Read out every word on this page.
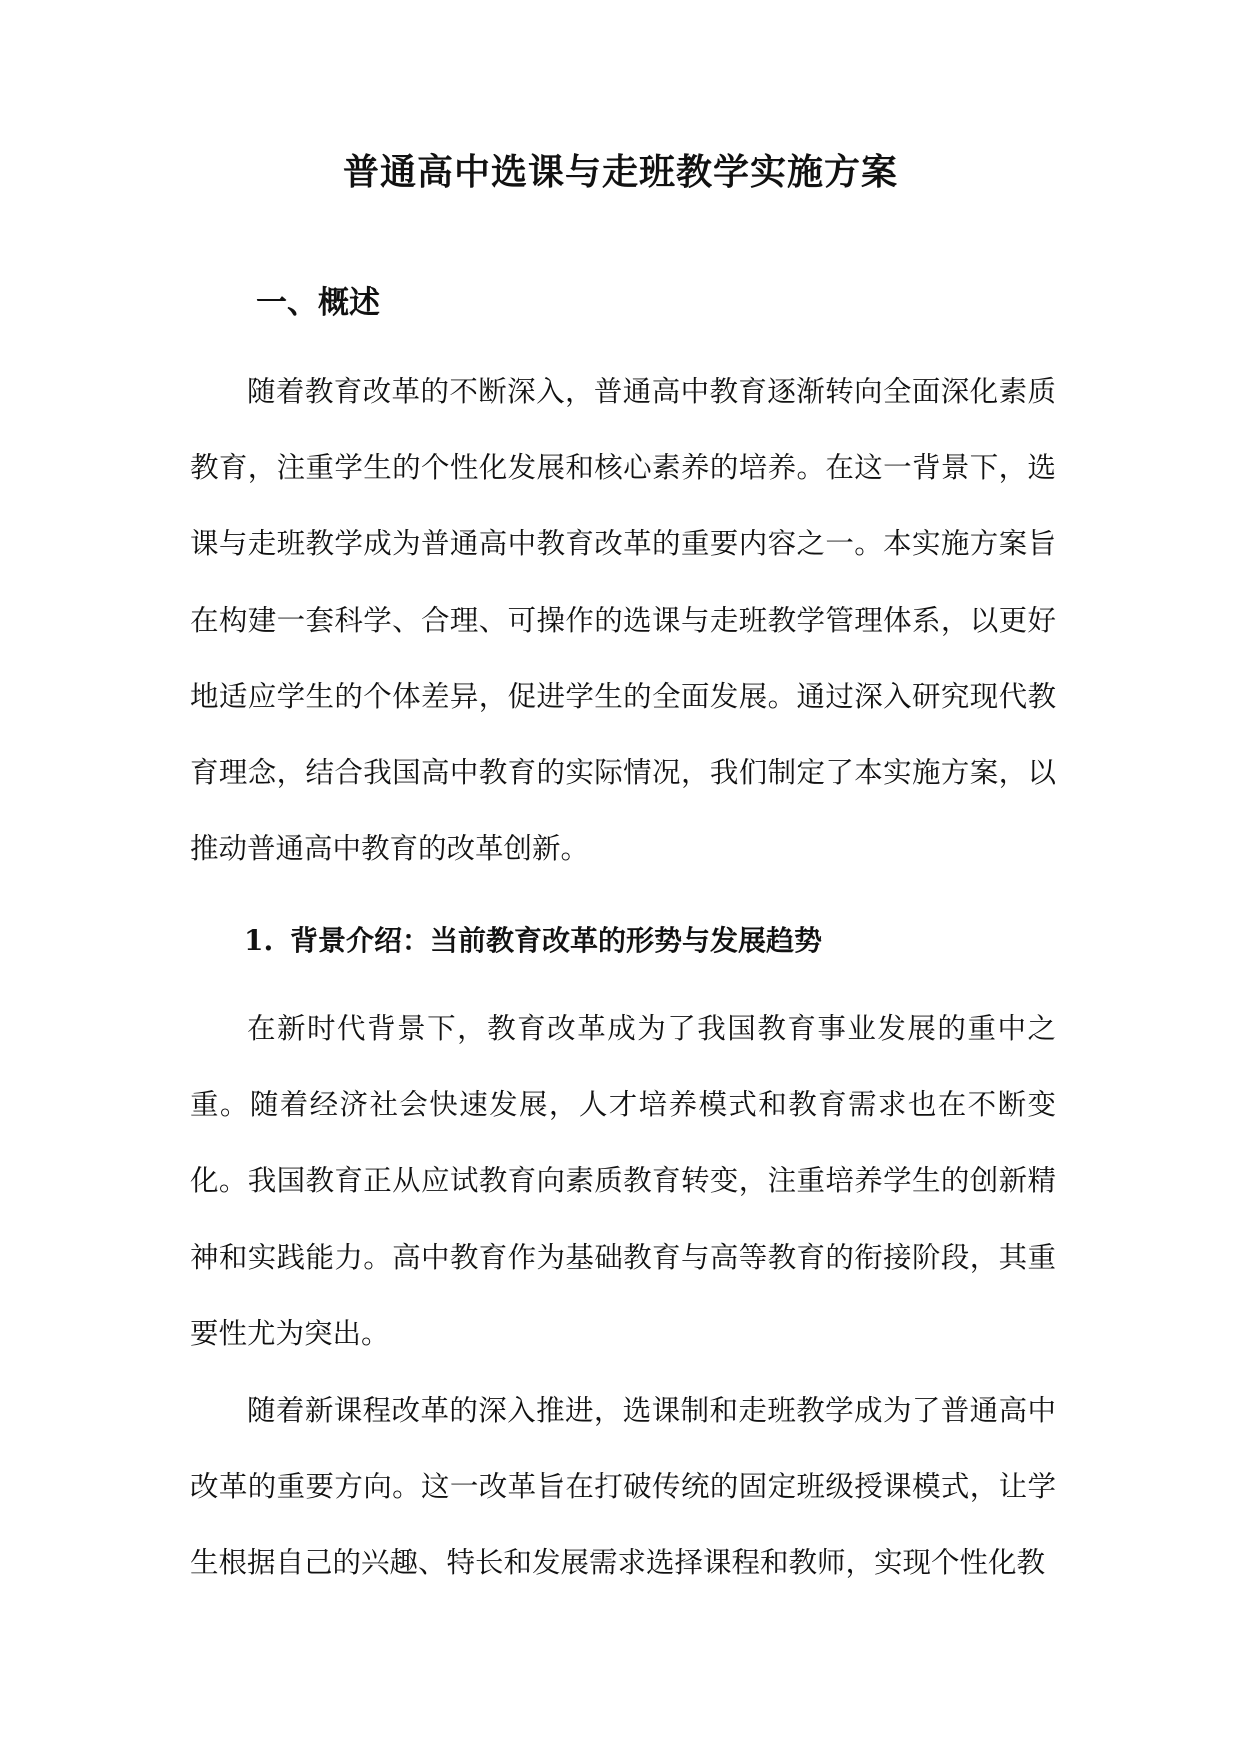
普通高中选课与走班教学实施方案
一、概述

随着教育改革的不断深入，普通高中教育逐渐转向全面深化素质教育，注重学生的个性化发展和核心素养的培养。在这一背景下，选课与走班教学成为普通高中教育改革的重要内容之一。本实施方案旨在构建一套科学、合理、可操作的选课与走班教学管理体系，以更好地适应学生的个体差异，促进学生的全面发展。通过深入研究现代教育理念，结合我国高中教育的实际情况，我们制定了本实施方案，以推动普通高中教育的改革创新。

1. 背景介绍：当前教育改革的形势与发展趋势

在新时代背景下，教育改革成为了我国教育事业发展的重中之重。随着经济社会快速发展，人才培养模式和教育需求也在不断变化。我国教育正从应试教育向素质教育转变，注重培养学生的创新精神和实践能力。高中教育作为基础教育与高等教育的衔接阶段，其重要性尤为突出。

随着新课程改革的深入推进，选课制和走班教学成为了普通高中改革的重要方向。这一改革旨在打破传统的固定班级授课模式，让学生根据自己的兴趣、特长和发展需求选择课程和教师，实现个性化教
